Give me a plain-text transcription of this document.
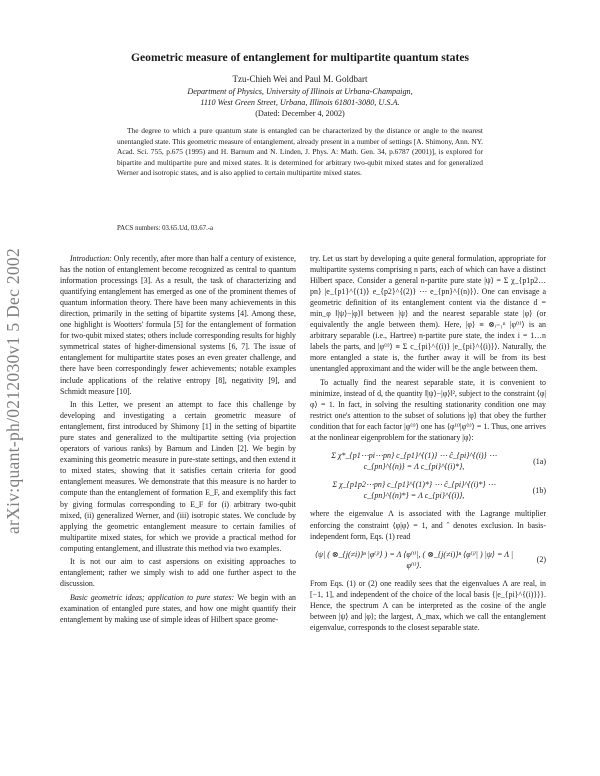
arXiv:quant-ph/0212030v1 5 Dec 2002
Geometric measure of entanglement for multipartite quantum states
Tzu-Chieh Wei and Paul M. Goldbart
Department of Physics, University of Illinois at Urbana-Champaign,
1110 West Green Street, Urbana, Illinois 61801-3080, U.S.A.
(Dated: December 4, 2002)
The degree to which a pure quantum state is entangled can be characterized by the distance or angle to the nearest unentangled state. This geometric measure of entanglement, already present in a number of settings [A. Shimony, Ann. NY. Acad. Sci. 755, p.675 (1995) and H. Barnum and N. Linden, J. Phys. A: Math. Gen. 34, p.6787 (2001)], is explored for bipartite and multipartite pure and mixed states. It is determined for arbitrary two-qubit mixed states and for generalized Werner and isotropic states, and is also applied to certain multipartite mixed states.
PACS numbers: 03.65.Ud, 03.67.-a

Introduction: Only recently, after more than half a century of existence, has the notion of entanglement become recognized as central to quantum information processings [3]. As a result, the task of characterizing and quantifying entanglement has emerged as one of the prominent themes of quantum information theory. There have been many achievements in this direction, primarily in the setting of bipartite systems [4]. Among these, one highlight is Wootters' formula [5] for the entanglement of formation for two-qubit mixed states; others include corresponding results for highly symmetrical states of higher-dimensional systems [6, 7]. The issue of entanglement for multipartite states poses an even greater challenge, and there have been correspondingly fewer achievements; notable examples include applications of the relative entropy [8], negativity [9], and Schmidt measure [10].

In this Letter, we present an attempt to face this challenge by developing and investigating a certain geometric measure of entanglement, first introduced by Shimony [1] in the setting of bipartite pure states and generalized to the multipartite setting (via projection operators of various ranks) by Barnum and Linden [2]. We begin by examining this geometric measure in pure-state settings, and then extend it to mixed states, showing that it satisfies certain criteria for good entanglement measures. We demonstrate that this measure is no harder to compute than the entanglement of formation E_F, and exemplify this fact by giving formulas corresponding to E_F for (i) arbitrary two-qubit mixed, (ii) generalized Werner, and (iii) isotropic states. We conclude by applying the geometric entanglement measure to certain families of multipartite mixed states, for which we provide a practical method for computing entanglement, and illustrate this method via two examples.

It is not our aim to cast aspersions on exisiting approaches to entanglement; rather we simply wish to add one further aspect to the discussion.

Basic geometric ideas; application to pure states: We begin with an examination of entangled pure states, and how one might quantify their entanglement by making use of simple ideas of Hilbert space geome-

try. Let us start by developing a quite general formulation, appropriate for multipartite systems comprising n parts, each of which can have a distinct Hilbert space. Consider a general n-partite pure state |ψ⟩ = Σ χ_{p1p2…pn} |e_{p1}^{(1)} e_{p2}^{(2)} ⋯ e_{pn}^{(n)}⟩. One can envisage a geometric definition of its entanglement content via the distance d = min_φ ‖|ψ⟩−|φ⟩‖ between |ψ⟩ and the nearest separable state |φ⟩ (or equivalently the angle between them). Here, |φ⟩ ≡ ⊗ᵢ₌₁ⁿ |φ⁽ⁱ⁾⟩ is an arbitrary separable (i.e., Hartree) n-partite pure state, the index i = 1…n labels the parts, and |φ⁽ⁱ⁾⟩ ≡ Σ c_{pi}^{(i)} |e_{pi}^{(i)}⟩. Naturally, the more entangled a state is, the further away it will be from its best unentangled approximant and the wider will be the angle between them.

To actually find the nearest separable state, it is convenient to minimize, instead of d, the quantity ‖|ψ⟩−|φ⟩‖², subject to the constraint ⟨φ|φ⟩ = 1. In fact, in solving the resulting stationarity condition one may restrict one's attention to the subset of solutions |φ⟩ that obey the further condition that for each factor |φ⁽ⁱ⁾⟩ one has ⟨φ⁽ⁱ⁾|φ⁽ⁱ⁾⟩ = 1. Thus, one arrives at the nonlinear eigenproblem for the stationary |φ⟩:

Σ χ*_{p1⋯pi⋯pn} c_{p1}^{(1)} ⋯ ĉ_{pi}^{(i)} ⋯ c_{pn}^{(n)} = Λ c_{pi}^{(i)*},
(1a)
Σ χ_{p1p2⋯pn} c_{p1}^{(1)*} ⋯ ĉ_{pi}^{(i)*} ⋯ c_{pn}^{(n)*} = Λ c_{pi}^{(i)},
(1b)

where the eigenvalue Λ is associated with the Lagrange multiplier enforcing the constraint ⟨φ|φ⟩ = 1, and ˆ denotes exclusion. In basis-independent form, Eqs. (1) read

⟨ψ| ( ⊗_{j(≠i)}ⁿ |φ⁽ʲ⁾⟩ ) = Λ ⟨φ⁽ⁱ⁾|, ( ⊗_{j(≠i)}ⁿ ⟨φ⁽ʲ⁾| ) |ψ⟩ = Λ |φ⁽ⁱ⁾⟩.
(2)

From Eqs. (1) or (2) one readily sees that the eigenvalues Λ are real, in [−1, 1], and independent of the choice of the local basis {|e_{pi}^{(i)}⟩}. Hence, the spectrum Λ can be interpreted as the cosine of the angle between |ψ⟩ and |φ⟩; the largest, Λ_max, which we call the entanglement eigenvalue, corresponds to the closest separable state.
